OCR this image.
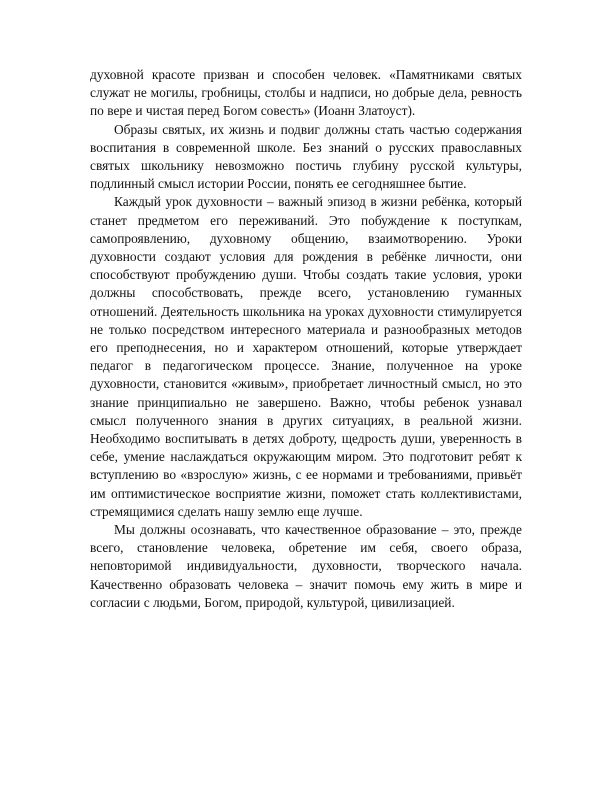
духовной красоте призван и способен человек. «Памятниками святых служат не могилы, гробницы, столбы и надписи, но добрые дела, ревность по вере и чистая перед Богом совесть» (Иоанн Златоуст).

Образы святых, их жизнь и подвиг должны стать частью содержания воспитания в современной школе. Без знаний о русских православных святых школьнику невозможно постичь глубину русской культуры, подлинный смысл истории России, понять ее сегодняшнее бытие.

Каждый урок духовности – важный эпизод в жизни ребёнка, который станет предметом его переживаний. Это побуждение к поступкам, самопроявлению, духовному общению, взаимотворению. Уроки духовности создают условия для рождения в ребёнке личности, они способствуют пробуждению души. Чтобы создать такие условия, уроки должны способствовать, прежде всего, установлению гуманных отношений. Деятельность школьника на уроках духовности стимулируется не только посредством интересного материала и разнообразных методов его преподнесения, но и характером отношений, которые утверждает педагог в педагогическом процессе. Знание, полученное на уроке духовности, становится «живым», приобретает личностный смысл, но это знание принципиально не завершено. Важно, чтобы ребенок узнавал смысл полученного знания в других ситуациях, в реальной жизни. Необходимо воспитывать в детях доброту, щедрость души, уверенность в себе, умение наслаждаться окружающим миром. Это подготовит ребят к вступлению во «взрослую» жизнь, с ее нормами и требованиями, привьёт им оптимистическое восприятие жизни, поможет стать коллективистами, стремящимися сделать нашу землю еще лучше.

Мы должны осознавать, что качественное образование – это, прежде всего, становление человека, обретение им себя, своего образа, неповторимой индивидуальности, духовности, творческого начала. Качественно образовать человека – значит помочь ему жить в мире и согласии с людьми, Богом, природой, культурой, цивилизацией.
